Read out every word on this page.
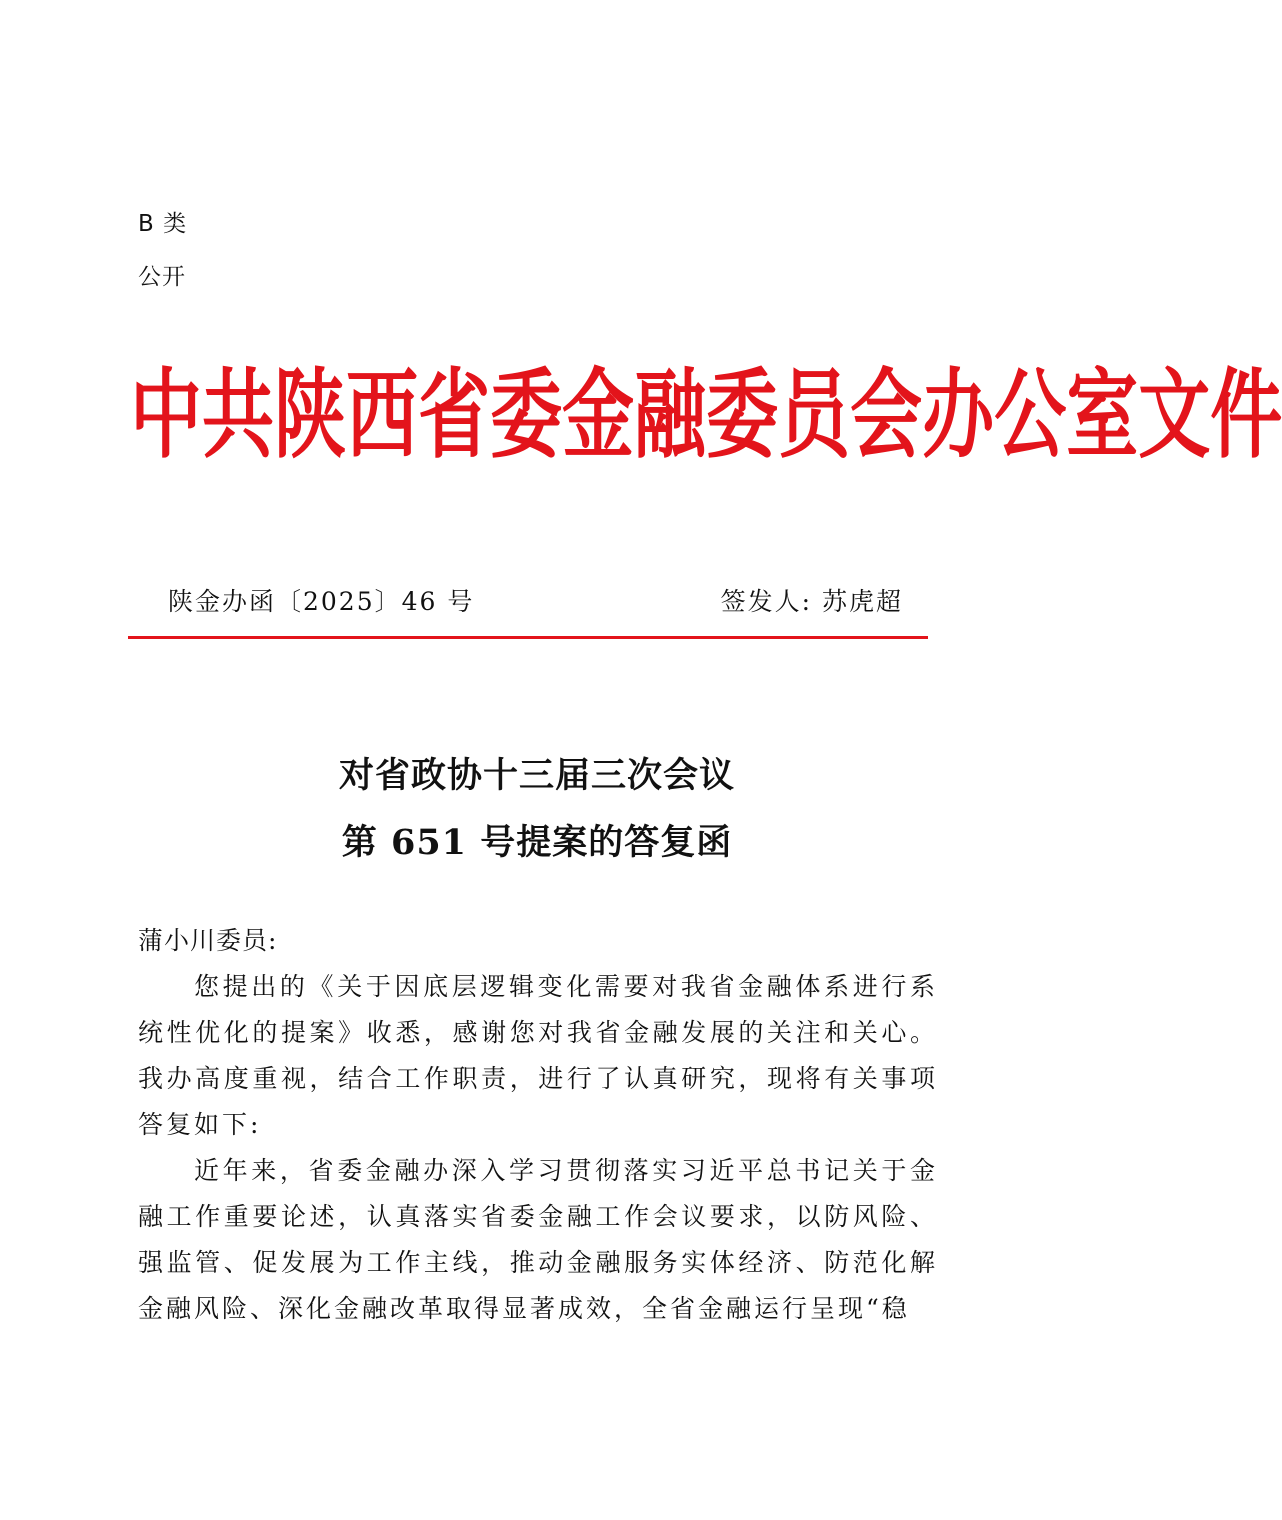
B 类
公开
中 共 陕 西 省 委 金 融 委 员 会 办 公 室 文 件
陕金办函〔2025〕46 号	签发人: 苏虎超
对省政协十三届三次会议
第 651 号提案的答复函

蒲小川委员:

您提出的《关于因底层逻辑变化需要对我省金融体系进行系统性优化的提案》收悉，感谢您对我省金融发展的关注和关心。我办高度重视，结合工作职责，进行了认真研究，现将有关事项答复如下:

近年来，省委金融办深入学习贯彻落实习近平总书记关于金融工作重要论述，认真落实省委金融工作会议要求，以防风险、强监管、促发展为工作主线，推动金融服务实体经济、防范化解金融风险、深化金融改革取得显著成效，全省金融运行呈现“稳
